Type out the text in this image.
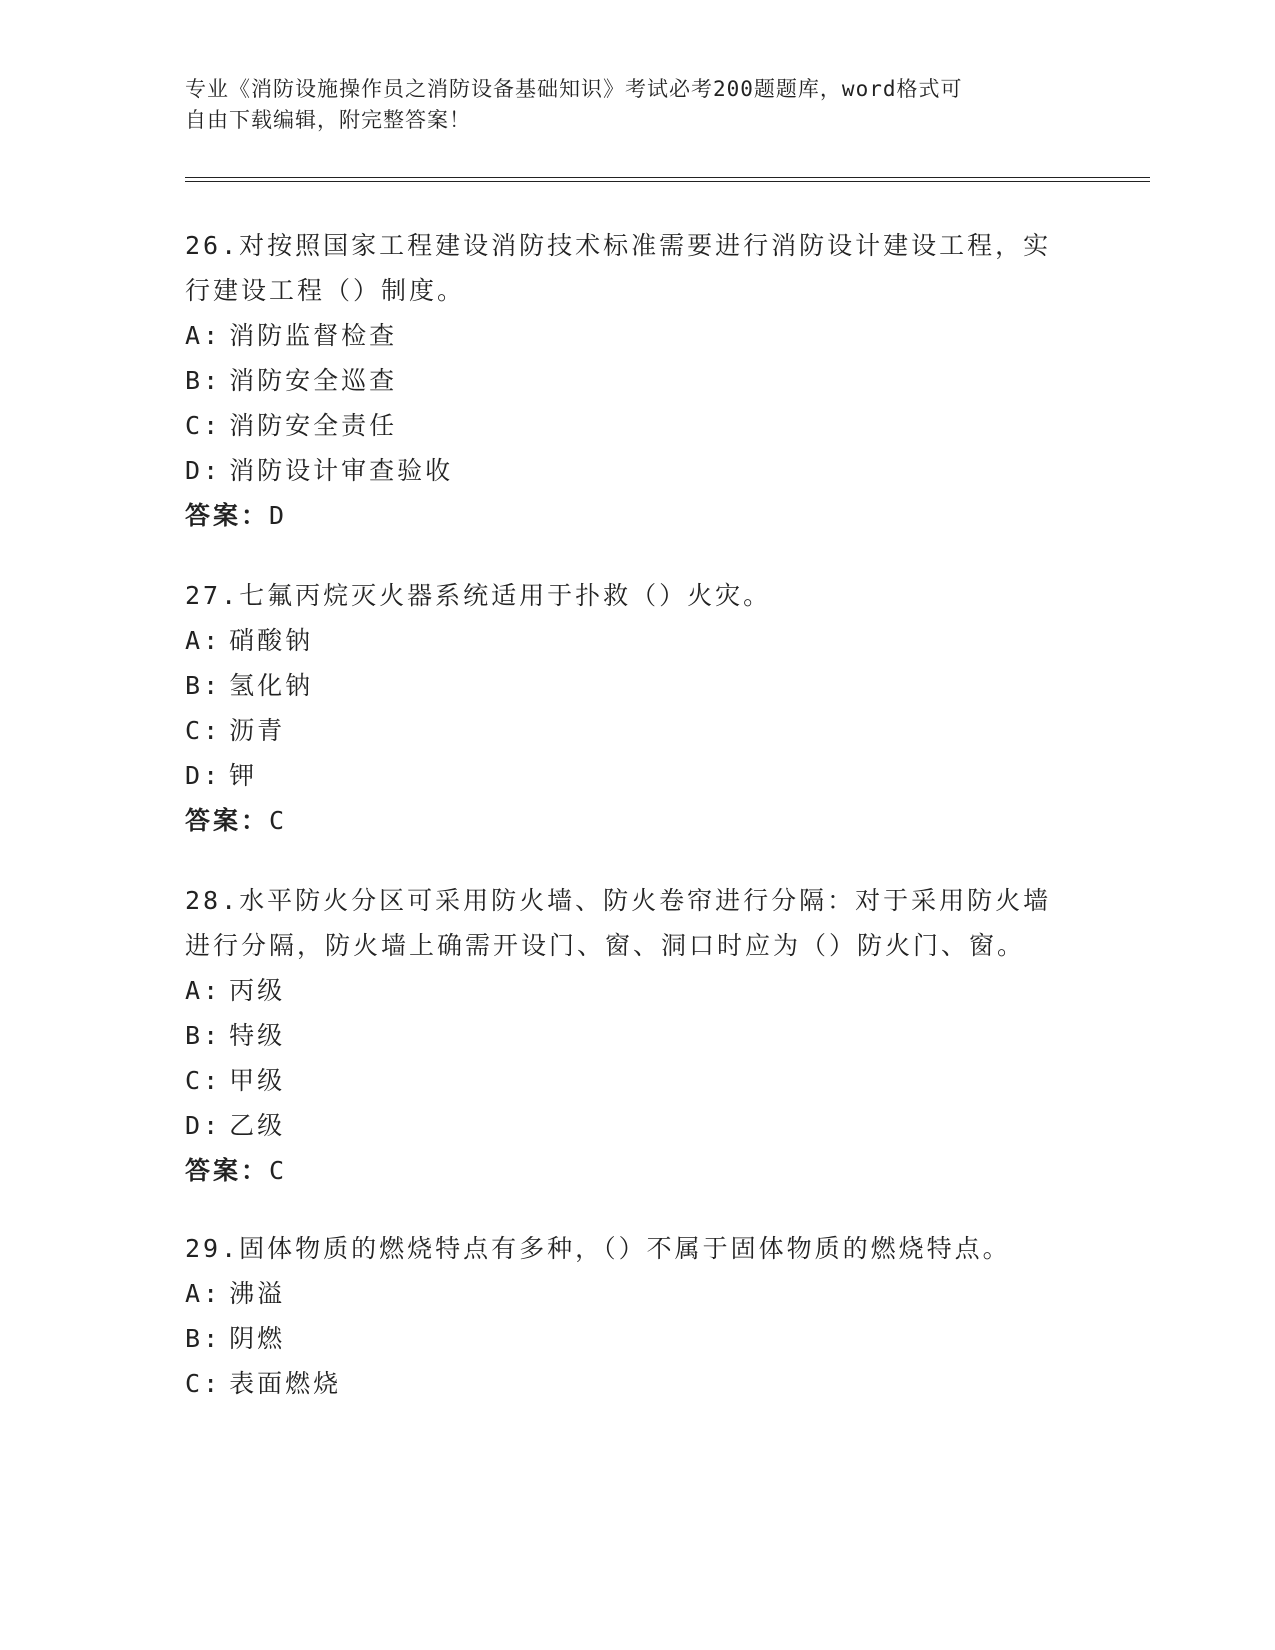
专业《消防设施操作员之消防设备基础知识》考试必考200题题库，word格式可
自由下载编辑，附完整答案！

26.对按照国家工程建设消防技术标准需要进行消防设计建设工程，实

行建设工程（）制度。

A: 消防监督检查

B: 消防安全巡查

C: 消防安全责任

D: 消防设计审查验收

答案：D

27.七氟丙烷灭火器系统适用于扑救（）火灾。

A: 硝酸钠

B: 氢化钠

C: 沥青

D: 钾

答案：C

28.水平防火分区可采用防火墙、防火卷帘进行分隔：对于采用防火墙

进行分隔，防火墙上确需开设门、窗、洞口时应为（）防火门、窗。

A: 丙级

B: 特级

C: 甲级

D: 乙级

答案：C

29.固体物质的燃烧特点有多种，（）不属于固体物质的燃烧特点。

A: 沸溢

B: 阴燃

C: 表面燃烧
